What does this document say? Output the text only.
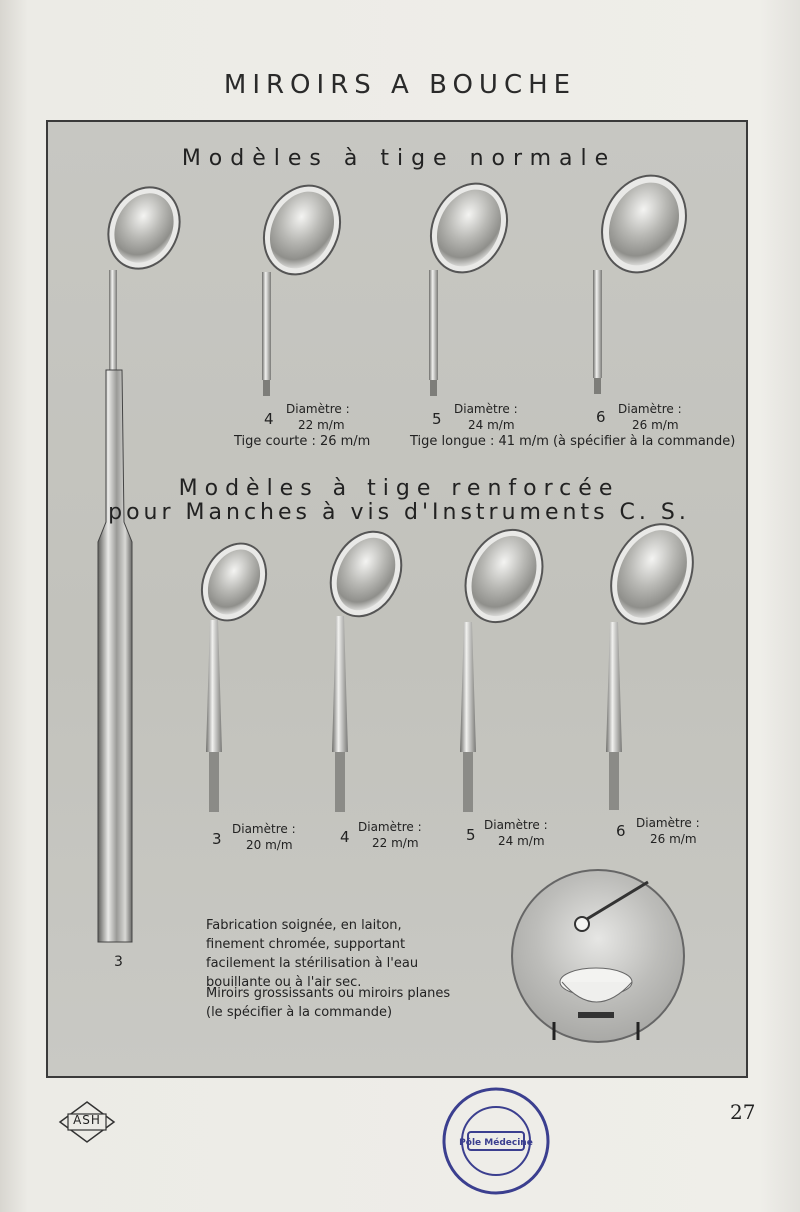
MIROIRS A BOUCHE
Modèles à tige normale
4
Diamètre :
22 m/m	5
Diamètre :
24 m/m	6 Diamètre :
26 m/m
Tige courte : 26 m/m	Tige longue : 41 m/m (à spécifier à la commande)
Modèles à tige renforcée
pour Manches à vis d'Instruments C. S.
3
Diamètre :
20 m/m	4
Diamètre :
22 m/m	5
Diamètre :
24 m/m
6 Diamètre :
26 m/m
3
Fabrication soignée, en laiton, finement chromée, supportant facilement la stérilisation à l'eau bouillante ou à l'air sec.
Miroirs grossissants ou miroirs planes (le spécifier à la commande)
ASH
Pôle Médecine
27
